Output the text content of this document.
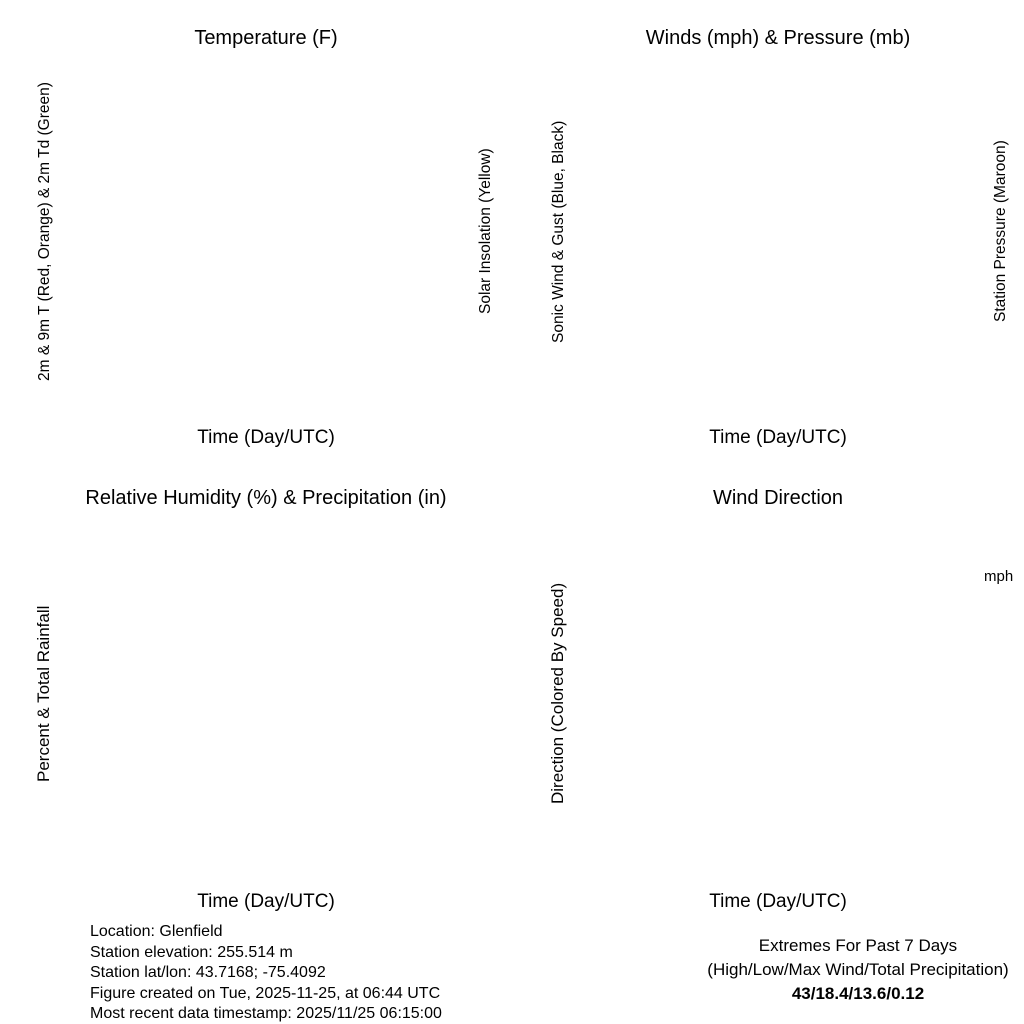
Temperature (F)	Winds (mph) & Pressure (mb)
Relative Humidity (%) & Precipitation (in)	Wind Direction
Time (Day/UTC)	Time (Day/UTC)
Time (Day/UTC)	Time (Day/UTC)
2m & 9m T (Red, Orange) & 2m Td (Green)	Solar Insolation (Yellow)	Sonic Wind & Gust (Blue, Black)	Station Pressure (Maroon)
Percent & Total Rainfall	Direction (Colored By Speed)
mph
Location: Glenfield
Station elevation: 255.514 m
Station lat/lon: 43.7168; -75.4092
Figure created on Tue, 2025-11-25, at 06:44 UTC
Most recent data timestamp: 2025/11/25 06:15:00
Extremes For Past 7 Days
(High/Low/Max Wind/Total Precipitation)
43/18.4/13.6/0.12
